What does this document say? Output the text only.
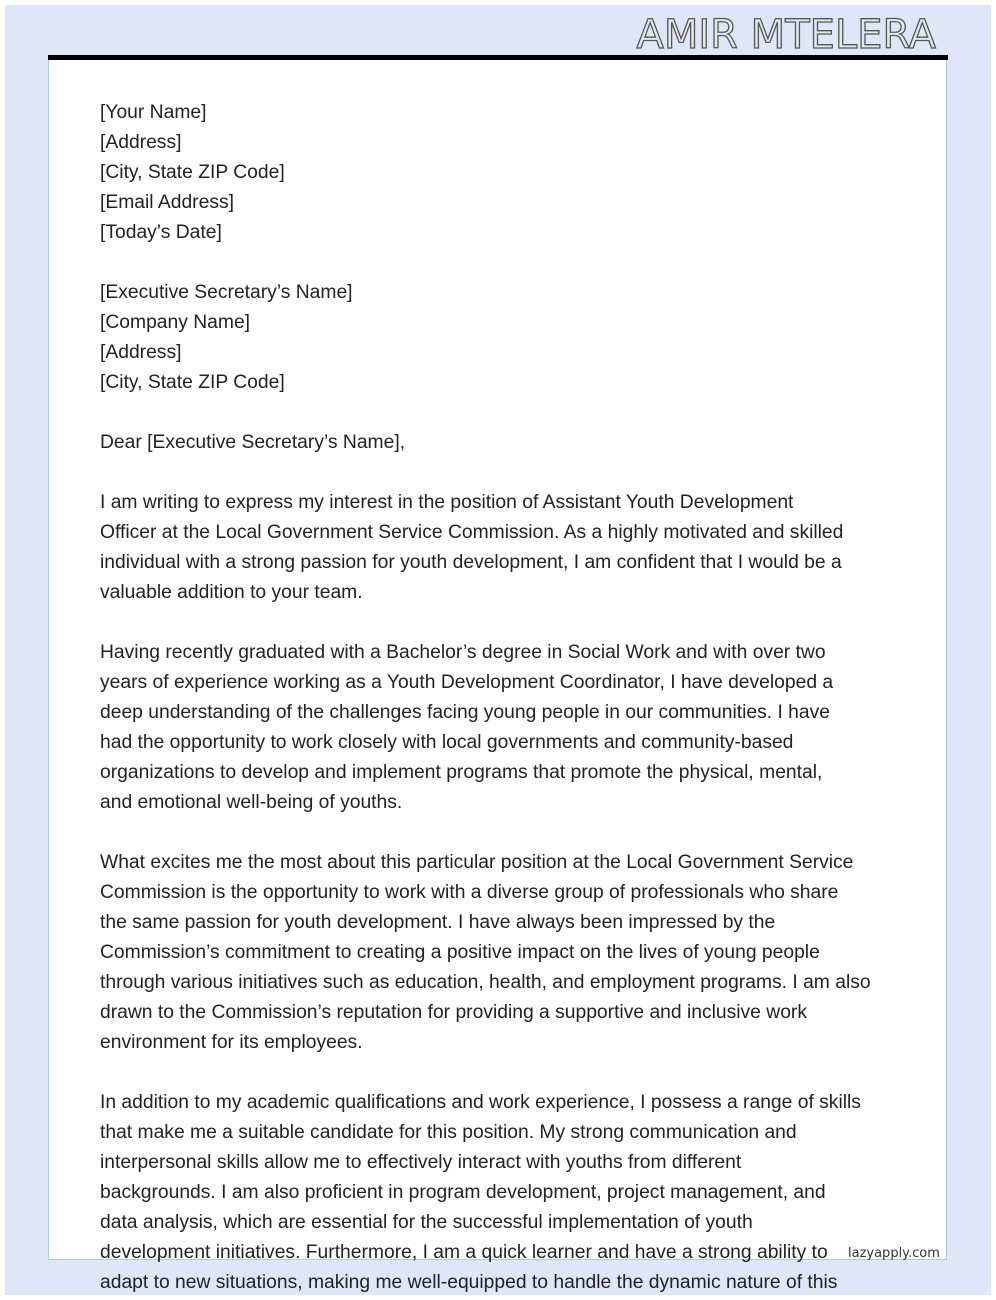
AMIR MTELERA
lazyapply.com
[Your Name]
[Address]
[City, State ZIP Code]
[Email Address]
[Today’s Date]
[Executive Secretary’s Name]
[Company Name]
[Address]
[City, State ZIP Code]
Dear [Executive Secretary’s Name],
I am writing to express my interest in the position of Assistant Youth Development
Officer at the Local Government Service Commission. As a highly motivated and skilled
individual with a strong passion for youth development, I am confident that I would be a
valuable addition to your team.
Having recently graduated with a Bachelor’s degree in Social Work and with over two
years of experience working as a Youth Development Coordinator, I have developed a
deep understanding of the challenges facing young people in our communities. I have
had the opportunity to work closely with local governments and community-based
organizations to develop and implement programs that promote the physical, mental,
and emotional well-being of youths.
What excites me the most about this particular position at the Local Government Service
Commission is the opportunity to work with a diverse group of professionals who share
the same passion for youth development. I have always been impressed by the
Commission’s commitment to creating a positive impact on the lives of young people
through various initiatives such as education, health, and employment programs. I am also
drawn to the Commission’s reputation for providing a supportive and inclusive work
environment for its employees.
In addition to my academic qualifications and work experience, I possess a range of skills
that make me a suitable candidate for this position. My strong communication and
interpersonal skills allow me to effectively interact with youths from different
backgrounds. I am also proficient in program development, project management, and
data analysis, which are essential for the successful implementation of youth
development initiatives. Furthermore, I am a quick learner and have a strong ability to
adapt to new situations, making me well-equipped to handle the dynamic nature of this
